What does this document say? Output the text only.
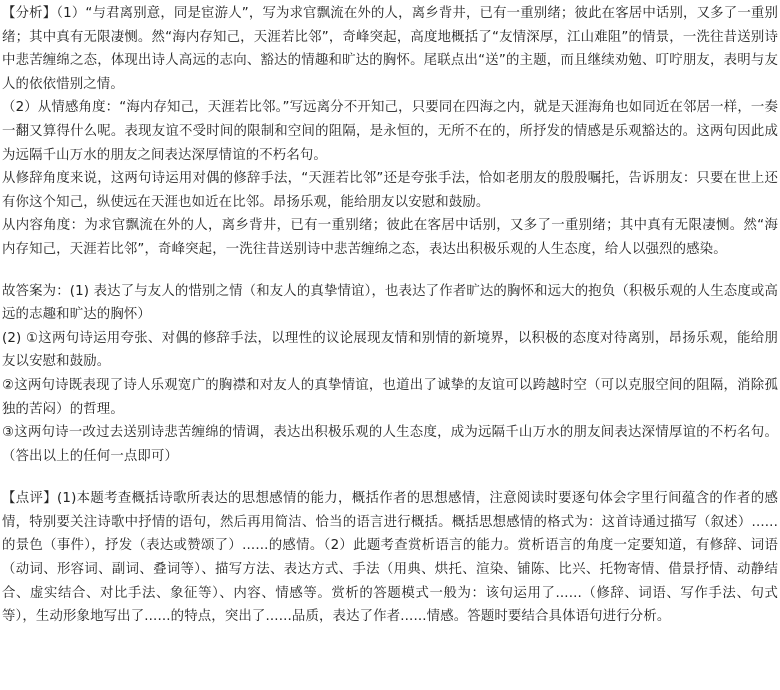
【分析】（1）“与君离别意，同是宦游人”，写为求官飘流在外的人，离乡背井，已有一重别绪；彼此在客居中话别，又多了一重别绪；其中真有无限凄恻。然“海内存知己，天涯若比邻”，奇峰突起，高度地概括了“友情深厚，江山难阻”的情景，一洗往昔送别诗中悲苦缠绵之态，体现出诗人高远的志向、豁达的情趣和旷达的胸怀。尾联点出“送”的主题，而且继续劝勉、叮咛朋友，表明与友人的依依惜别之情。

（2）从情感角度：“海内存知己，天涯若比邻。”写远离分不开知己，只要同在四海之内，就是天涯海角也如同近在邻居一样，一奏一翻又算得什么呢。表现友谊不受时间的限制和空间的阻隔，是永恒的，无所不在的，所抒发的情感是乐观豁达的。这两句因此成为远隔千山万水的朋友之间表达深厚情谊的不朽名句。

从修辞角度来说，这两句诗运用对偶的修辞手法，“天涯若比邻”还是夸张手法，恰如老朋友的殷殷嘱托，告诉朋友：只要在世上还有你这个知己，纵使远在天涯也如近在比邻。昂扬乐观，能给朋友以安慰和鼓励。

从内容角度：为求官飘流在外的人，离乡背井，已有一重别绪；彼此在客居中话别，又多了一重别绪；其中真有无限凄恻。然“海内存知己，天涯若比邻”，奇峰突起，一洗往昔送别诗中悲苦缠绵之态，表达出积极乐观的人生态度，给人以强烈的感染。

故答案为：(1) 表达了与友人的惜别之情（和友人的真挚情谊），也表达了作者旷达的胸怀和远大的抱负（积极乐观的人生态度或高远的志趣和旷达的胸怀）

(2) ①这两句诗运用夸张、对偶的修辞手法，以理性的议论展现友情和别情的新境界，以积极的态度对待离别，昂扬乐观，能给朋友以安慰和鼓励。

②这两句诗既表现了诗人乐观宽广的胸襟和对友人的真挚情谊，也道出了诚挚的友谊可以跨越时空（可以克服空间的阻隔，消除孤独的苦闷）的哲理。

③这两句诗一改过去送别诗悲苦缠绵的情调，表达出积极乐观的人生态度，成为远隔千山万水的朋友间表达深情厚谊的不朽名句。（答出以上的任何一点即可）

【点评】(1)本题考查概括诗歌所表达的思想感情的能力，概括作者的思想感情，注意阅读时要逐句体会字里行间蕴含的作者的感情，特别要关注诗歌中抒情的语句，然后再用简洁、恰当的语言进行概括。概括思想感情的格式为：这首诗通过描写（叙述）......的景色（事件），抒发（表达或赞颂了）......的感情。（2）此题考查赏析语言的能力。赏析语言的角度一定要知道，有修辞、词语（动词、形容词、副词、叠词等）、描写方法、表达方式、手法（用典、烘托、渲染、铺陈、比兴、托物寄情、借景抒情、动静结合、虚实结合、对比手法、象征等）、内容、情感等。赏析的答题模式一般为：该句运用了......（修辞、词语、写作手法、句式等），生动形象地写出了......的特点，突出了......品质，表达了作者......情感。答题时要结合具体语句进行分析。
